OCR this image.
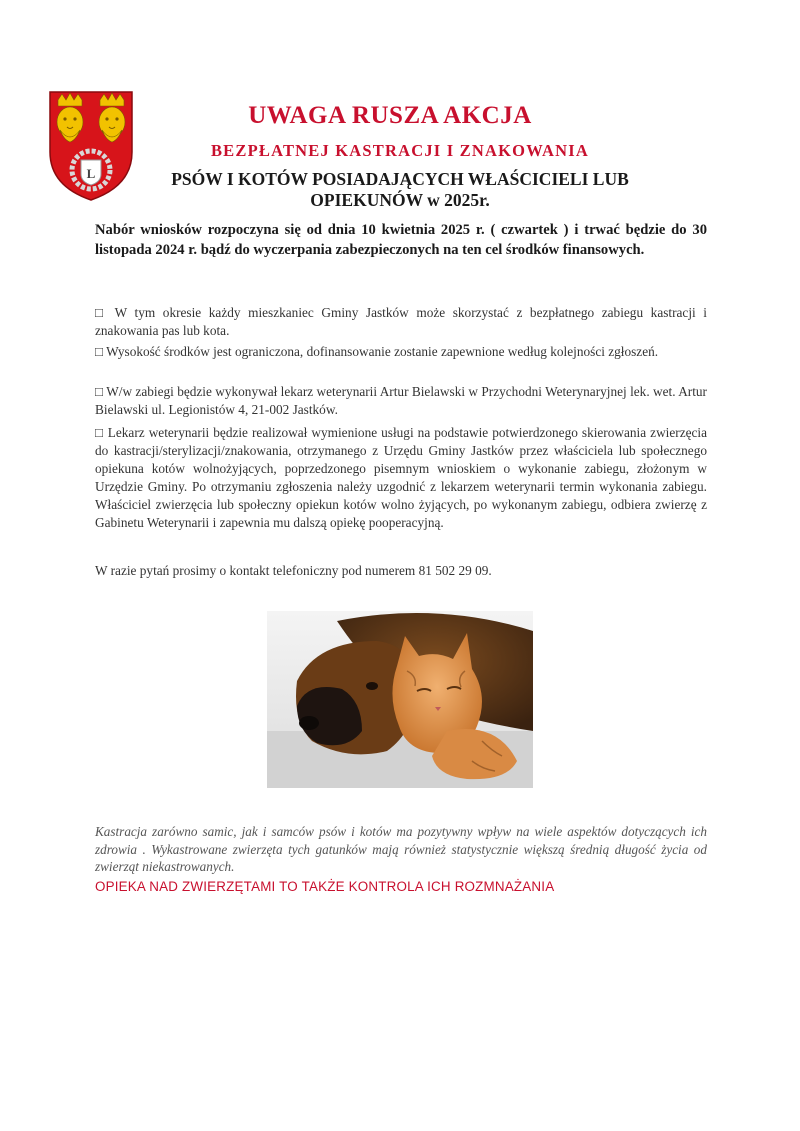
L
UWAGA RUSZA AKCJA
BEZPŁATNEJ KASTRACJI I ZNAKOWANIA
PSÓW I KOTÓW POSIADAJĄCYCH WŁAŚCICIELI LUB
OPIEKUNÓW w 2025r.
Nabór wniosków rozpoczyna się od dnia 10 kwietnia 2025 r. ( czwartek ) i trwać będzie do 30 listopada 2024 r. bądź do wyczerpania zabezpieczonych na ten cel środków finansowych.
□ W tym okresie każdy mieszkaniec Gminy Jastków może skorzystać z bezpłatnego zabiegu kastracji i znakowania pas lub kota.
□ Wysokość środków jest ograniczona, dofinansowanie zostanie zapewnione według kolejności zgłoszeń.
□ W/w zabiegi będzie wykonywał lekarz weterynarii Artur Bielawski w Przychodni Weterynaryjnej lek. wet. Artur Bielawski ul. Legionistów 4, 21-002 Jastków.
□ Lekarz weterynarii będzie realizował wymienione usługi na podstawie potwierdzonego skierowania zwierzęcia do kastracji/sterylizacji/znakowania, otrzymanego z Urzędu Gminy Jastków przez właściciela lub społecznego opiekuna kotów wolnożyjących, poprzedzonego pisemnym wnioskiem o wykonanie zabiegu, złożonym w Urzędzie Gminy. Po otrzymaniu zgłoszenia należy uzgodnić z lekarzem weterynarii termin wykonania zabiegu. Właściciel zwierzęcia lub społeczny opiekun kotów wolno żyjących, po wykonanym zabiegu, odbiera zwierzę z Gabinetu Weterynarii i zapewnia mu dalszą opiekę pooperacyjną.
W razie pytań prosimy o kontakt telefoniczny pod numerem 81 502 29 09.
Kastracja zarówno samic, jak i samców psów i kotów ma pozytywny wpływ na wiele aspektów dotyczących ich zdrowia . Wykastrowane zwierzęta tych gatunków mają również statystycznie większą średnią długość życia od zwierząt niekastrowanych.
OPIEKA NAD ZWIERZĘTAMI TO TAKŻE KONTROLA ICH ROZMNAŻANIA
